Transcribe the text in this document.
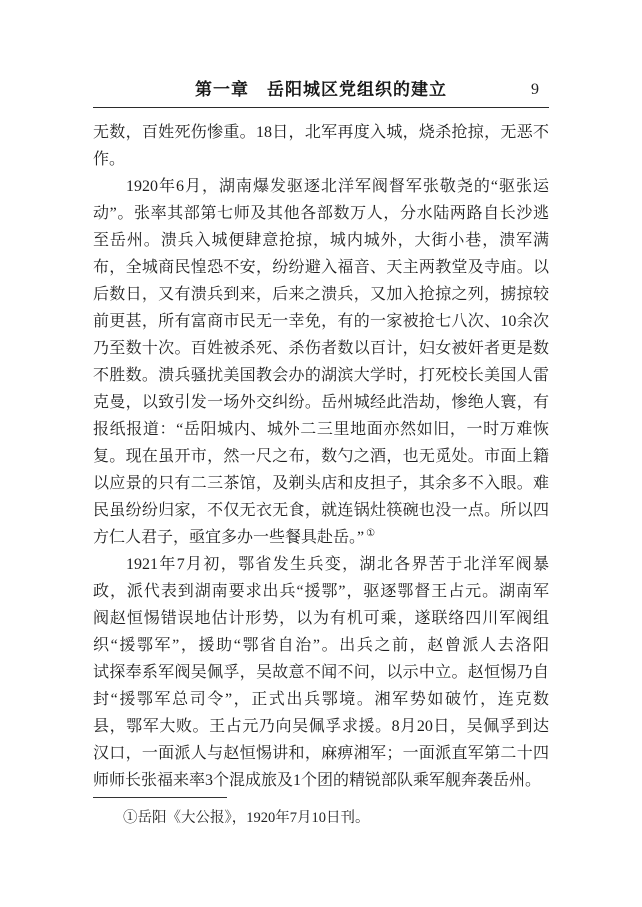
第一章　岳阳城区党组织的建立	9
无数，百姓死伤惨重。18日，北军再度入城，烧杀抢掠，无恶不
作。
1920年6月，湖南爆发驱逐北洋军阀督军张敬尧的“驱张运
动”。张率其部第七师及其他各部数万人，分水陆两路自长沙逃
至岳州。溃兵入城便肆意抢掠，城内城外，大街小巷，溃军满
布，全城商民惶恐不安，纷纷避入福音、天主两教堂及寺庙。以
后数日，又有溃兵到来，后来之溃兵，又加入抢掠之列，掳掠较
前更甚，所有富商市民无一幸免，有的一家被抢七八次、10余次
乃至数十次。百姓被杀死、杀伤者数以百计，妇女被奸者更是数
不胜数。溃兵骚扰美国教会办的湖滨大学时，打死校长美国人雷
克曼，以致引发一场外交纠纷。岳州城经此浩劫，惨绝人寰，有
报纸报道：“岳阳城内、城外二三里地面亦然如旧，一时万难恢
复。现在虽开市，然一尺之布，数勺之酒，也无觅处。市面上籍
以应景的只有二三茶馆，及剃头店和皮担子，其余多不入眼。难
民虽纷纷归家，不仅无衣无食，就连锅灶筷碗也没一点。所以四
方仁人君子，亟宜多办一些餐具赴岳。” ①
1921年7月初，鄂省发生兵变，湖北各界苦于北洋军阀暴
政，派代表到湖南要求出兵“援鄂”，驱逐鄂督王占元。湖南军
阀赵恒惕错误地估计形势，以为有机可乘，遂联络四川军阀组
织“援鄂军”，援助“鄂省自治”。出兵之前，赵曾派人去洛阳
试探奉系军阀吴佩孚，吴故意不闻不问，以示中立。赵恒惕乃自
封“援鄂军总司令”，正式出兵鄂境。湘军势如破竹，连克数
县，鄂军大败。王占元乃向吴佩孚求援。8月20日，吴佩孚到达
汉口，一面派人与赵恒惕讲和，麻痹湘军；一面派直军第二十四
师师长张福来率3个混成旅及1个团的精锐部队乘军舰奔袭岳州。
①岳阳《大公报》，1920年7月10日刊。
